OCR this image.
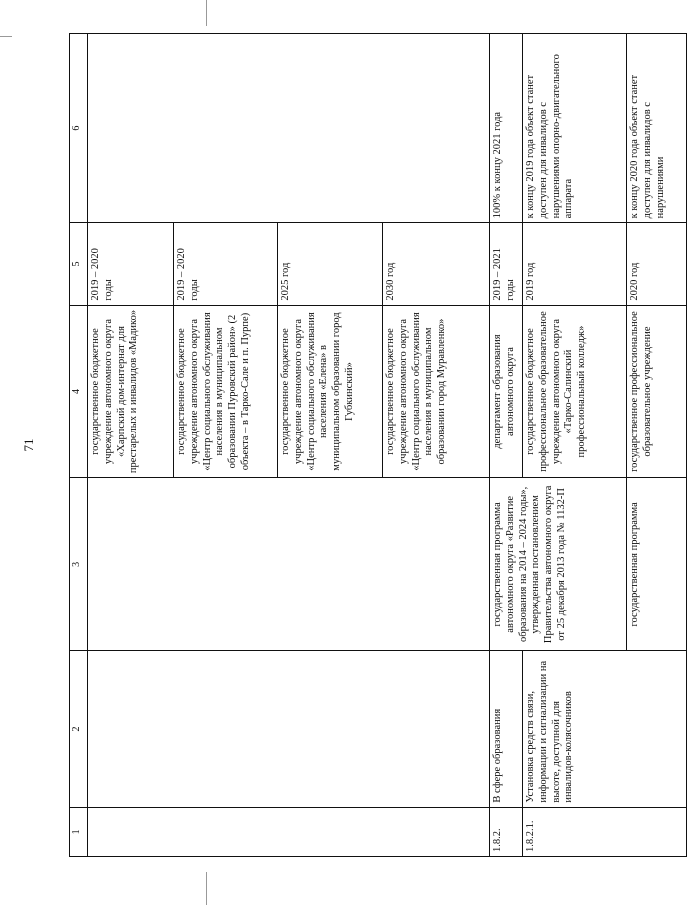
71
1	2	3	4	5	6
			государственное бюджетное учреждение автономного округа «Харпский дом-интернат для престарелых и инвалидов «Мадико»	2019 – 2020 годы	
			государственное бюджетное учреждение автономного округа «Центр социального обслуживания населения в муниципальном образовании Пуровский район» (2 объекта – в Тарко-Сале и п. Пурпе)	2019 – 2020 годы	
			государственное бюджетное учреждение автономного округа «Центр социального обслуживания населения «Елена» в муниципальном образовании город Губкинский»	2025 год	
			государственное бюджетное учреждение автономного округа «Центр социального обслуживания населения в муниципальном образовании город Муравленко»	2030 год	
1.8.2.	В сфере образования	государственная программа автономного округа «Развитие образования на 2014 – 2024 годы», утвержденная постановлением Правительства автономного округа от 25 декабря 2013 года № 1132-П	департамент образования автономного округа	2019 – 2021 годы	100% к концу 2021 года
1.8.2.1.	Установка средств связи, информации и сигнализации на высоте, доступной для инвалидов-колясочников		государственное бюджетное профессиональное образовательное учреждение автономного округа «Тарко-Салинский профессиональный колледж»	2019 год	к концу 2019 года объект станет доступен для инвалидов с нарушениями опорно-двигательного аппарата
		государственная программа	государственное профессиональное образовательное учреждение	2020 год	к концу 2020 года объект станет доступен для инвалидов с нарушениями
